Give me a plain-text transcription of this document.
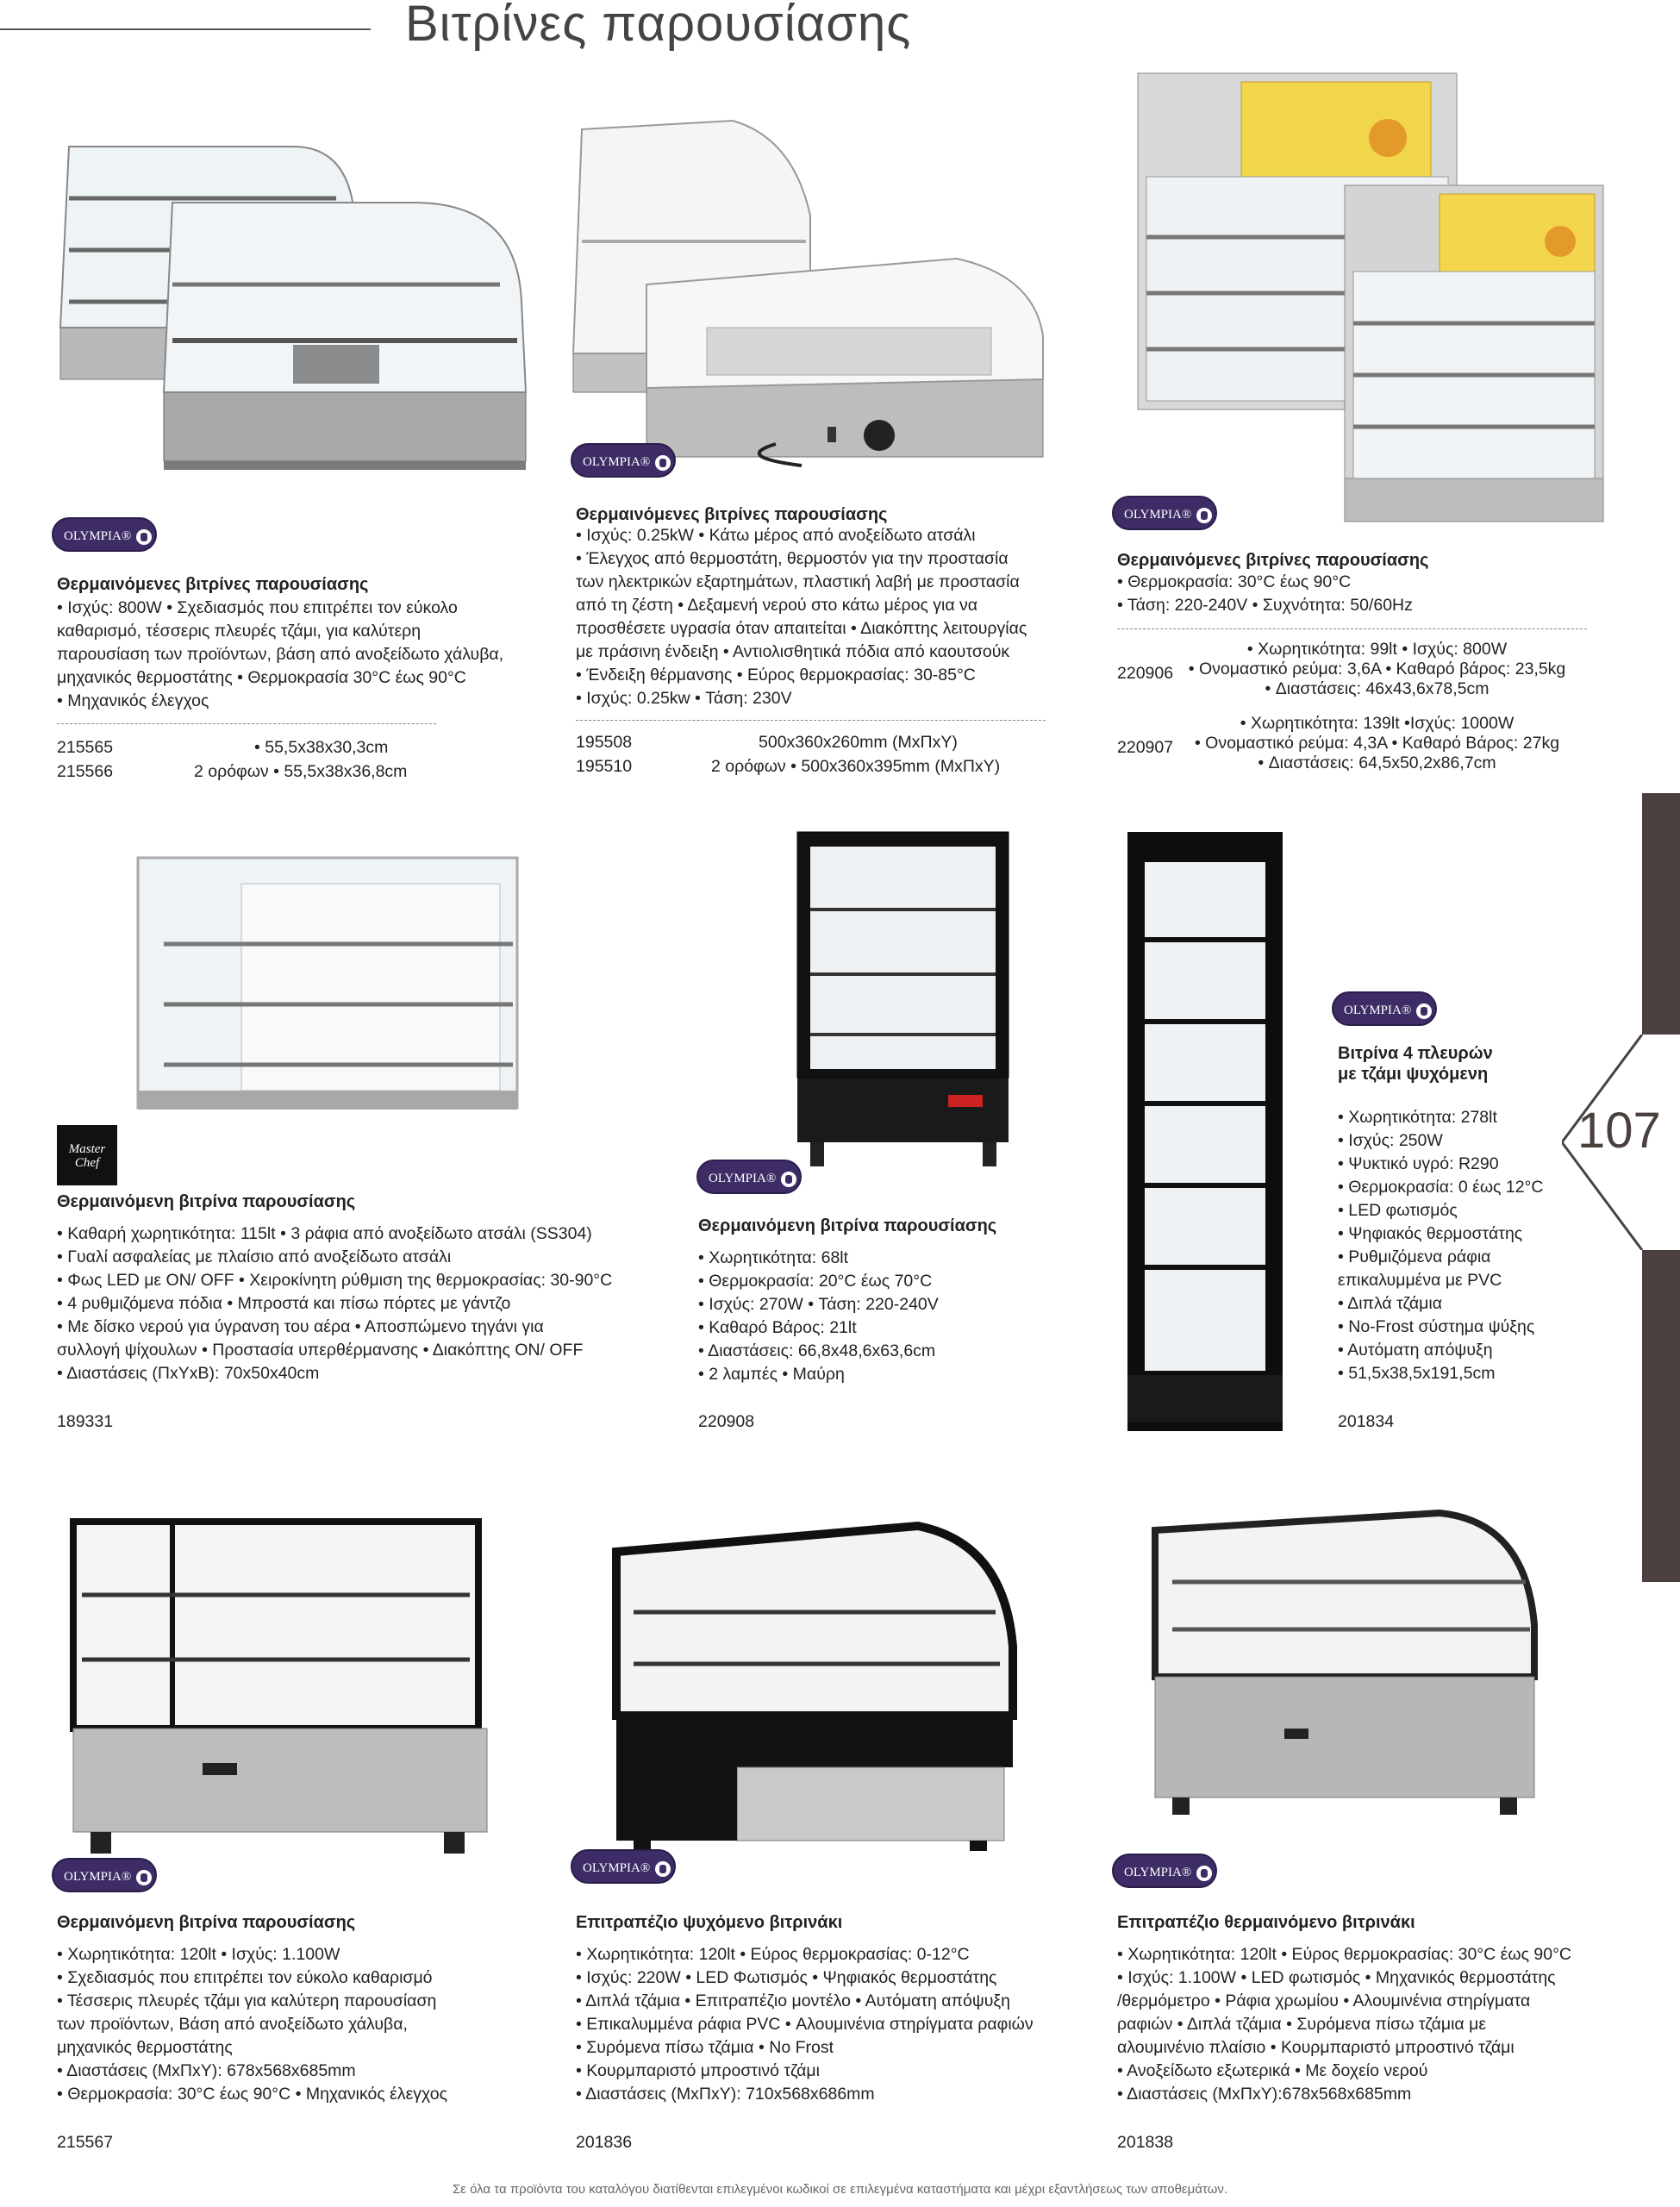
Βιτρίνες παρουσίασης
107
OLYMPIA®
Θερμαινόμενες βιτρίνες παρουσίασης
• Ισχύς: 800W • Σχεδιασμός που επιτρέπει τον εύκολο
καθαρισμό, τέσσερις πλευρές τζάμι, για καλύτερη
παρουσίαση των προϊόντων, βάση από ανοξείδωτο χάλυβα,
μηχανικός θερμοστάτης • Θερμοκρασία 30°C έως 90°C
• Μηχανικός έλεγχος
215565	• 55,5x38x30,3cm
215566	2 ορόφων • 55,5x38x36,8cm
OLYMPIA®
Θερμαινόμενες βιτρίνες παρουσίασης
• Ισχύς: 0.25kW • Κάτω μέρος από ανοξείδωτο ατσάλι
• Έλεγχος από θερμοστάτη, θερμοστόν για την προστασία
των ηλεκτρικών εξαρτημάτων, πλαστική λαβή με προστασία
από τη ζέστη • Δεξαμενή νερού στο κάτω μέρος για να
προσθέσετε υγρασία όταν απαιτείται • Διακόπτης λειτουργίας
με πράσινη ένδειξη • Αντιολισθητικά πόδια από καουτσούκ
• Ένδειξη θέρμανσης • Εύρος θερμοκρασίας: 30-85°C
• Ισχύς: 0.25kw • Τάση: 230V
195508	500x360x260mm (ΜxΠxΥ)
195510	2 ορόφων • 500x360x395mm (ΜxΠxΥ)
OLYMPIA®
Θερμαινόμενες βιτρίνες παρουσίασης
• Θερμοκρασία: 30°C έως 90°C
• Τάση: 220-240V • Συχνότητα: 50/60Hz
220906
• Χωρητικότητα: 99lt • Ισχύς: 800W
• Ονομαστικό ρεύμα: 3,6A • Καθαρό βάρος: 23,5kg
• Διαστάσεις: 46x43,6x78,5cm
220907
• Χωρητικότητα: 139lt •Ισχύς: 1000W
• Ονομαστικό ρεύμα: 4,3A • Καθαρό Βάρος: 27kg
• Διαστάσεις: 64,5x50,2x86,7cm
Master Chef
Θερμαινόμενη βιτρίνα παρουσίασης
• Καθαρή χωρητικότητα: 115lt • 3 ράφια από ανοξείδωτο ατσάλι (SS304)
• Γυαλί ασφαλείας με πλαίσιο από ανοξείδωτο ατσάλι
• Φως LED με ON/ OFF • Χειροκίνητη ρύθμιση της θερμοκρασίας: 30-90°C
• 4 ρυθμιζόμενα πόδια • Μπροστά και πίσω πόρτες με γάντζο
• Με δίσκο νερού για ύγρανση του αέρα • Αποσπώμενο τηγάνι για
συλλογή ψίχουλων • Προστασία υπερθέρμανσης • Διακόπτης ON/ OFF
• Διαστάσεις (ΠxΥxΒ): 70x50x40cm
189331
OLYMPIA®
Θερμαινόμενη βιτρίνα παρουσίασης
• Χωρητικότητα: 68lt
• Θερμοκρασία: 20°C έως 70°C
• Ισχύς: 270W • Τάση: 220-240V
• Καθαρό Βάρος: 21lt
• Διαστάσεις: 66,8x48,6x63,6cm
• 2 λαμπές • Μαύρη
220908
OLYMPIA®
Βιτρίνα 4 πλευρών
με τζάμι ψυχόμενη
• Χωρητικότητα: 278lt
• Ισχύς: 250W
• Ψυκτικό υγρό: R290
• Θερμοκρασία: 0 έως 12°C
• LED φωτισμός
• Ψηφιακός θερμοστάτης
• Ρυθμιζόμενα ράφια
επικαλυμμένα με PVC
• Διπλά τζάμια
• No-Frost σύστημα ψύξης
• Αυτόματη απόψυξη
• 51,5x38,5x191,5cm
201834
OLYMPIA®
Θερμαινόμενη βιτρίνα παρουσίασης
• Χωρητικότητα: 120lt • Ισχύς: 1.100W
• Σχεδιασμός που επιτρέπει τον εύκολο καθαρισμό
• Τέσσερις πλευρές τζάμι για καλύτερη παρουσίαση
των προϊόντων, Βάση από ανοξείδωτο χάλυβα,
μηχανικός θερμοστάτης
• Διαστάσεις (ΜxΠxΥ): 678x568x685mm
• Θερμοκρασία: 30°C έως 90°C • Μηχανικός έλεγχος
215567
OLYMPIA®
Επιτραπέζιο ψυχόμενο βιτρινάκι
• Χωρητικότητα: 120lt • Εύρος θερμοκρασίας: 0-12°C
• Ισχύς: 220W • LED Φωτισμός • Ψηφιακός θερμοστάτης
• Διπλά τζάμια • Επιτραπέζιο μοντέλο • Αυτόματη απόψυξη
• Επικαλυμμένα ράφια PVC • Αλουμινένια στηρίγματα ραφιών
• Συρόμενα πίσω τζάμια • No Frost
• Κουρμπαριστό μπροστινό τζάμι
• Διαστάσεις (ΜxΠxΥ): 710x568x686mm
201836
OLYMPIA®
Επιτραπέζιο θερμαινόμενο βιτρινάκι
• Χωρητικότητα: 120lt • Εύρος θερμοκρασίας: 30°C έως 90°C
• Ισχύς: 1.100W • LED φωτισμός • Μηχανικός θερμοστάτης
/θερμόμετρο • Ράφια χρωμίου • Αλουμινένια στηρίγματα
ραφιών • Διπλά τζάμια • Συρόμενα πίσω τζάμια με
αλουμινένιο πλαίσιο • Κουρμπαριστό μπροστινό τζάμι
• Ανοξείδωτο εξωτερικά • Με δοχείο νερού
• Διαστάσεις (ΜxΠxΥ):678x568x685mm
201838
Σε όλα τα προϊόντα του καταλόγου διατίθενται επιλεγμένοι κωδικοί σε επιλεγμένα καταστήματα και μέχρι εξαντλήσεως των αποθεμάτων.
